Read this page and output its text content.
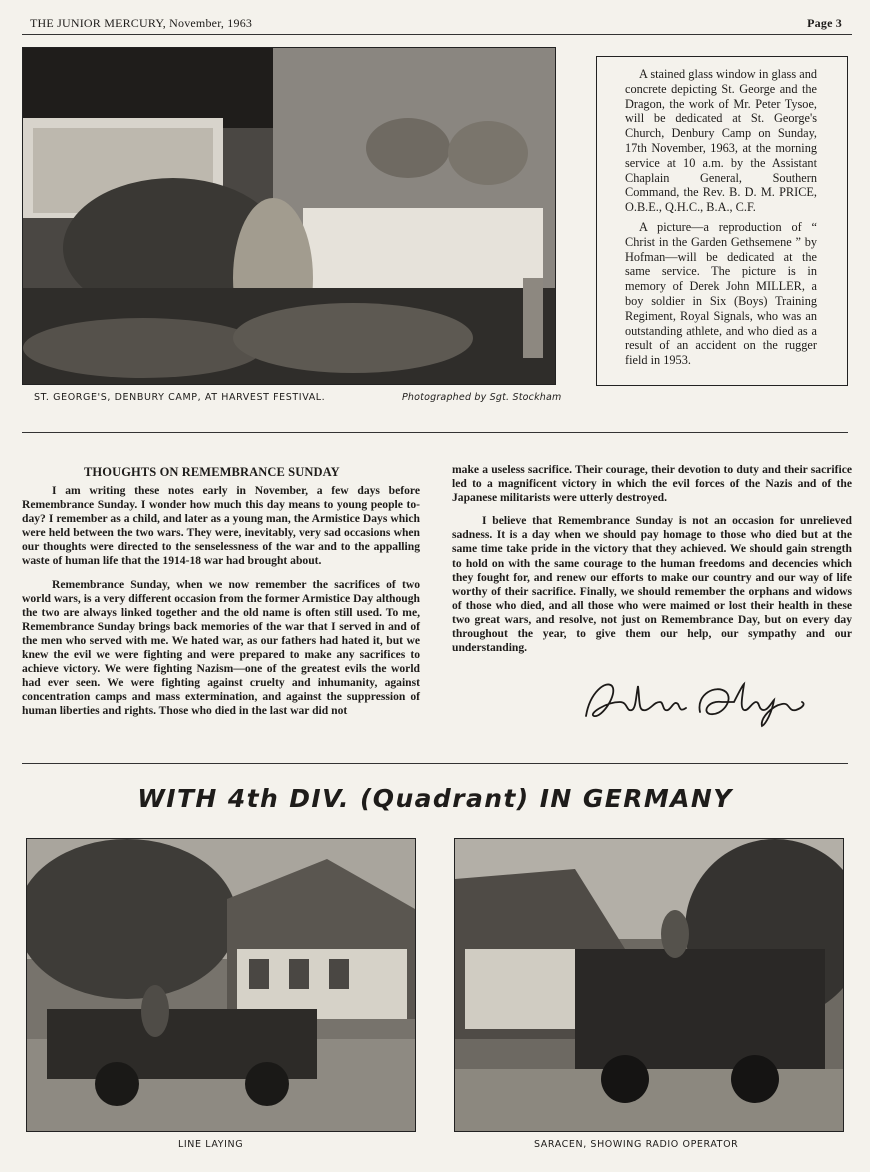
THE JUNIOR MERCURY, November, 1963	Page 3
ST. GEORGE'S, DENBURY CAMP, AT HARVEST FESTIVAL.	Photographed by Sgt. Stockham

A stained glass window in glass and concrete depicting St. George and the Dragon, the work of Mr. Peter Tysoe, will be dedicated at St. George's Church, Denbury Camp on Sunday, 17th November, 1963, at the morning service at 10 a.m. by the Assistant Chaplain General, Southern Command, the Rev. B. D. M. PRICE, O.B.E., Q.H.C., B.A., C.F.

A picture—a reproduction of “ Christ in the Garden Gethsemene ” by Hofman—will be dedicated at the same service. The picture is in memory of Derek John MILLER, a boy soldier in Six (Boys) Training Regiment, Royal Signals, who was an outstanding athlete, and who died as a result of an accident on the rugger field in 1953.

THOUGHTS ON REMEMBRANCE SUNDAY

I am writing these notes early in November, a few days before Remembrance Sunday. I wonder how much this day means to young people to-day? I remember as a child, and later as a young man, the Armistice Days which were held between the two wars. They were, inevitably, very sad occasions when our thoughts were directed to the senselessness of the war and to the appalling waste of human life that the 1914-18 war had brought about.

Remembrance Sunday, when we now remember the sacrifices of two world wars, is a very different occasion from the former Armistice Day although the two are always linked together and the old name is often still used. To me, Remembrance Sunday brings back memories of the war that I served in and of the men who served with me. We hated war, as our fathers had hated it, but we knew the evil we were fighting and were prepared to make any sacrifices to achieve victory. We were fighting Nazism—one of the greatest evils the world had ever seen. We were fighting against cruelty and inhumanity, against concentration camps and mass extermination, and against the suppression of human liberties and rights. Those who died in the last war did not

make a useless sacrifice. Their courage, their devotion to duty and their sacrifice led to a magnificent victory in which the evil forces of the Nazis and of the Japanese militarists were utterly destroyed.

I believe that Remembrance Sunday is not an occasion for unrelieved sadness. It is a day when we should pay homage to those who died but at the same time take pride in the victory that they achieved. We should gain strength to hold on with the same courage to the human freedoms and decencies which they fought for, and renew our efforts to make our country and our way of life worthy of their sacrifice. Finally, we should remember the orphans and widows of those who died, and all those who were maimed or lost their health in these two great wars, and resolve, not just on Remembrance Day, but on every day throughout the year, to give them our help, our sympathy and our understanding.

WITH 4th DIV. (Quadrant) IN GERMANY
LINE LAYING	SARACEN, SHOWING RADIO OPERATOR
